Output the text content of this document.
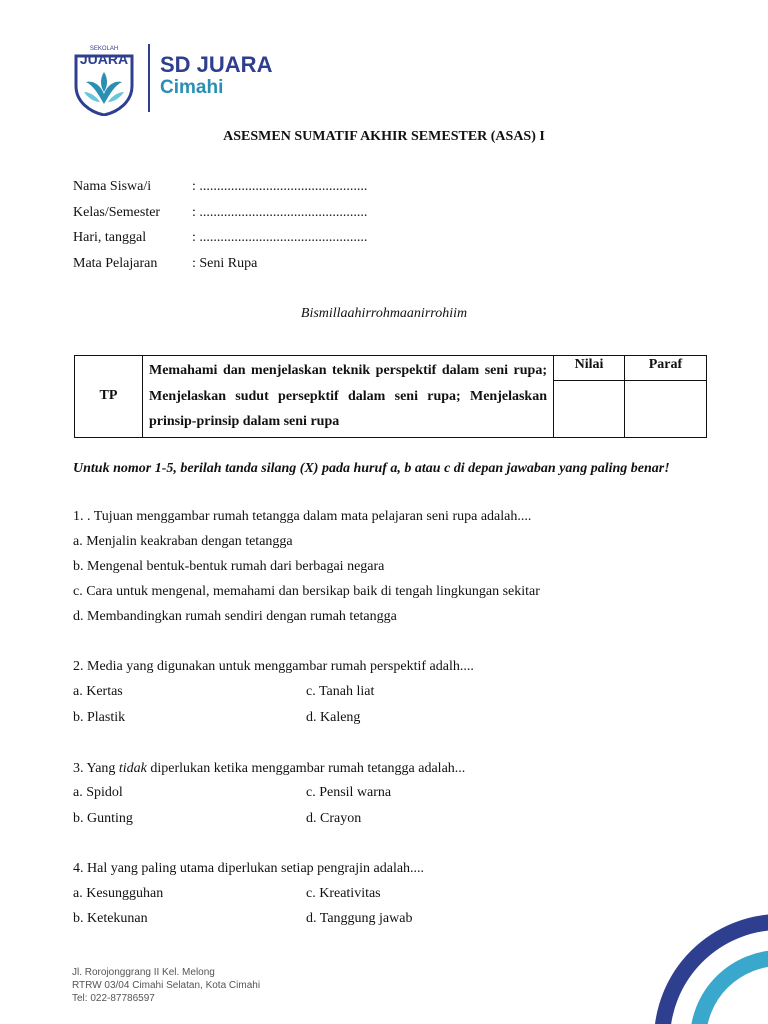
SEKOLAH
JUARA SD JUARA
Cimahi
ASESMEN SUMATIF AKHIR SEMESTER (ASAS) I
Nama Siswa/i	: ................................................
Kelas/Semester : ................................................
Hari, tanggal	: ................................................
Mata Pelajaran : Seni Rupa
Bismillaahirrohmaanirrohiim
TP	Memahami dan menjelaskan teknik perspektif dalam seni rupa; Menjelaskan sudut persepktif dalam seni rupa; Menjelaskan prinsip-prinsip dalam seni rupa	Nilai	Paraf

Untuk nomor 1-5, berilah tanda silang (X) pada huruf a, b atau c di depan jawaban yang paling benar!
1. . Tujuan menggambar rumah tetangga dalam mata pelajaran seni rupa adalah....
a. Menjalin keakraban dengan tetangga
b. Mengenal bentuk-bentuk rumah dari berbagai negara
c. Cara untuk mengenal, memahami dan bersikap baik di tengah lingkungan sekitar
d. Membandingkan rumah sendiri dengan rumah tetangga
2. Media yang digunakan untuk menggambar rumah perspektif adalh....
a. Kertas	c. Tanah liat
b. Plastik	d. Kaleng
3. Yang tidak diperlukan ketika menggambar rumah tetangga adalah...
a. Spidol	c. Pensil warna
b. Gunting	d. Crayon
4. Hal yang paling utama diperlukan setiap pengrajin adalah....
a. Kesungguhan	c. Kreativitas
b. Ketekunan	d. Tanggung jawab
Jl. Rorojonggrang II Kel. Melong
RTRW 03/04 Cimahi Selatan, Kota Cimahi
Tel: 022-87786597
